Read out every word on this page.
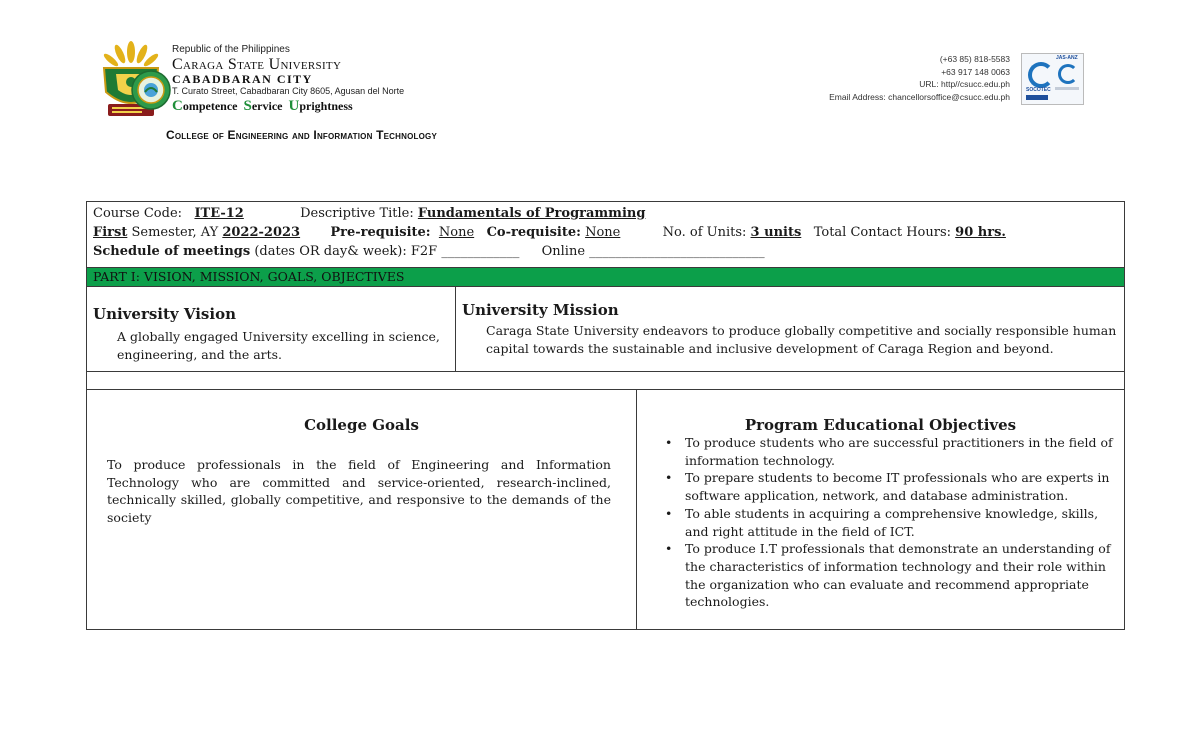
Republic of the Philippines
Caraga State University
CABADBARAN CITY
T. Curato Street, Cabadbaran City 8605, Agusan del Norte
Competence Service Uprightness
College of Engineering and Information Technology
(+63 85) 818-5583
+63 917 148 0063
URL: http//csucc.edu.ph
Email Address: chancellorsoffice@csucc.edu.ph
JAS-ANZ
SOCOTEC
Course Code: ITE-12	Descriptive Title: Fundamentals of Programming
First Semester, AY 2022-2023 Pre-requisite: None Co-requisite: None	No. of Units: 3 units Total Contact Hours: 90 hrs.
Schedule of meetings (dates OR day& week): F2F ____________ Online ___________________________
PART I: VISION, MISSION, GOALS, OBJECTIVES
University Vision
A globally engaged University excelling in science, engineering, and the arts.
University Mission
Caraga State University endeavors to produce globally competitive and socially responsible human capital towards the sustainable and inclusive development of Caraga Region and beyond.
College Goals
To produce professionals in the field of Engineering and Information Technology who are committed and service-oriented, research-inclined, technically skilled, globally competitive, and responsive to the demands of the society
Program Educational Objectives
• To produce students who are successful practitioners in the field of information technology.
• To prepare students to become IT professionals who are experts in software application, network, and database administration.
• To able students in acquiring a comprehensive knowledge, skills, and right attitude in the field of ICT.
• To produce I.T professionals that demonstrate an understanding of the characteristics of information technology and their role within the organization who can evaluate and recommend appropriate technologies.
